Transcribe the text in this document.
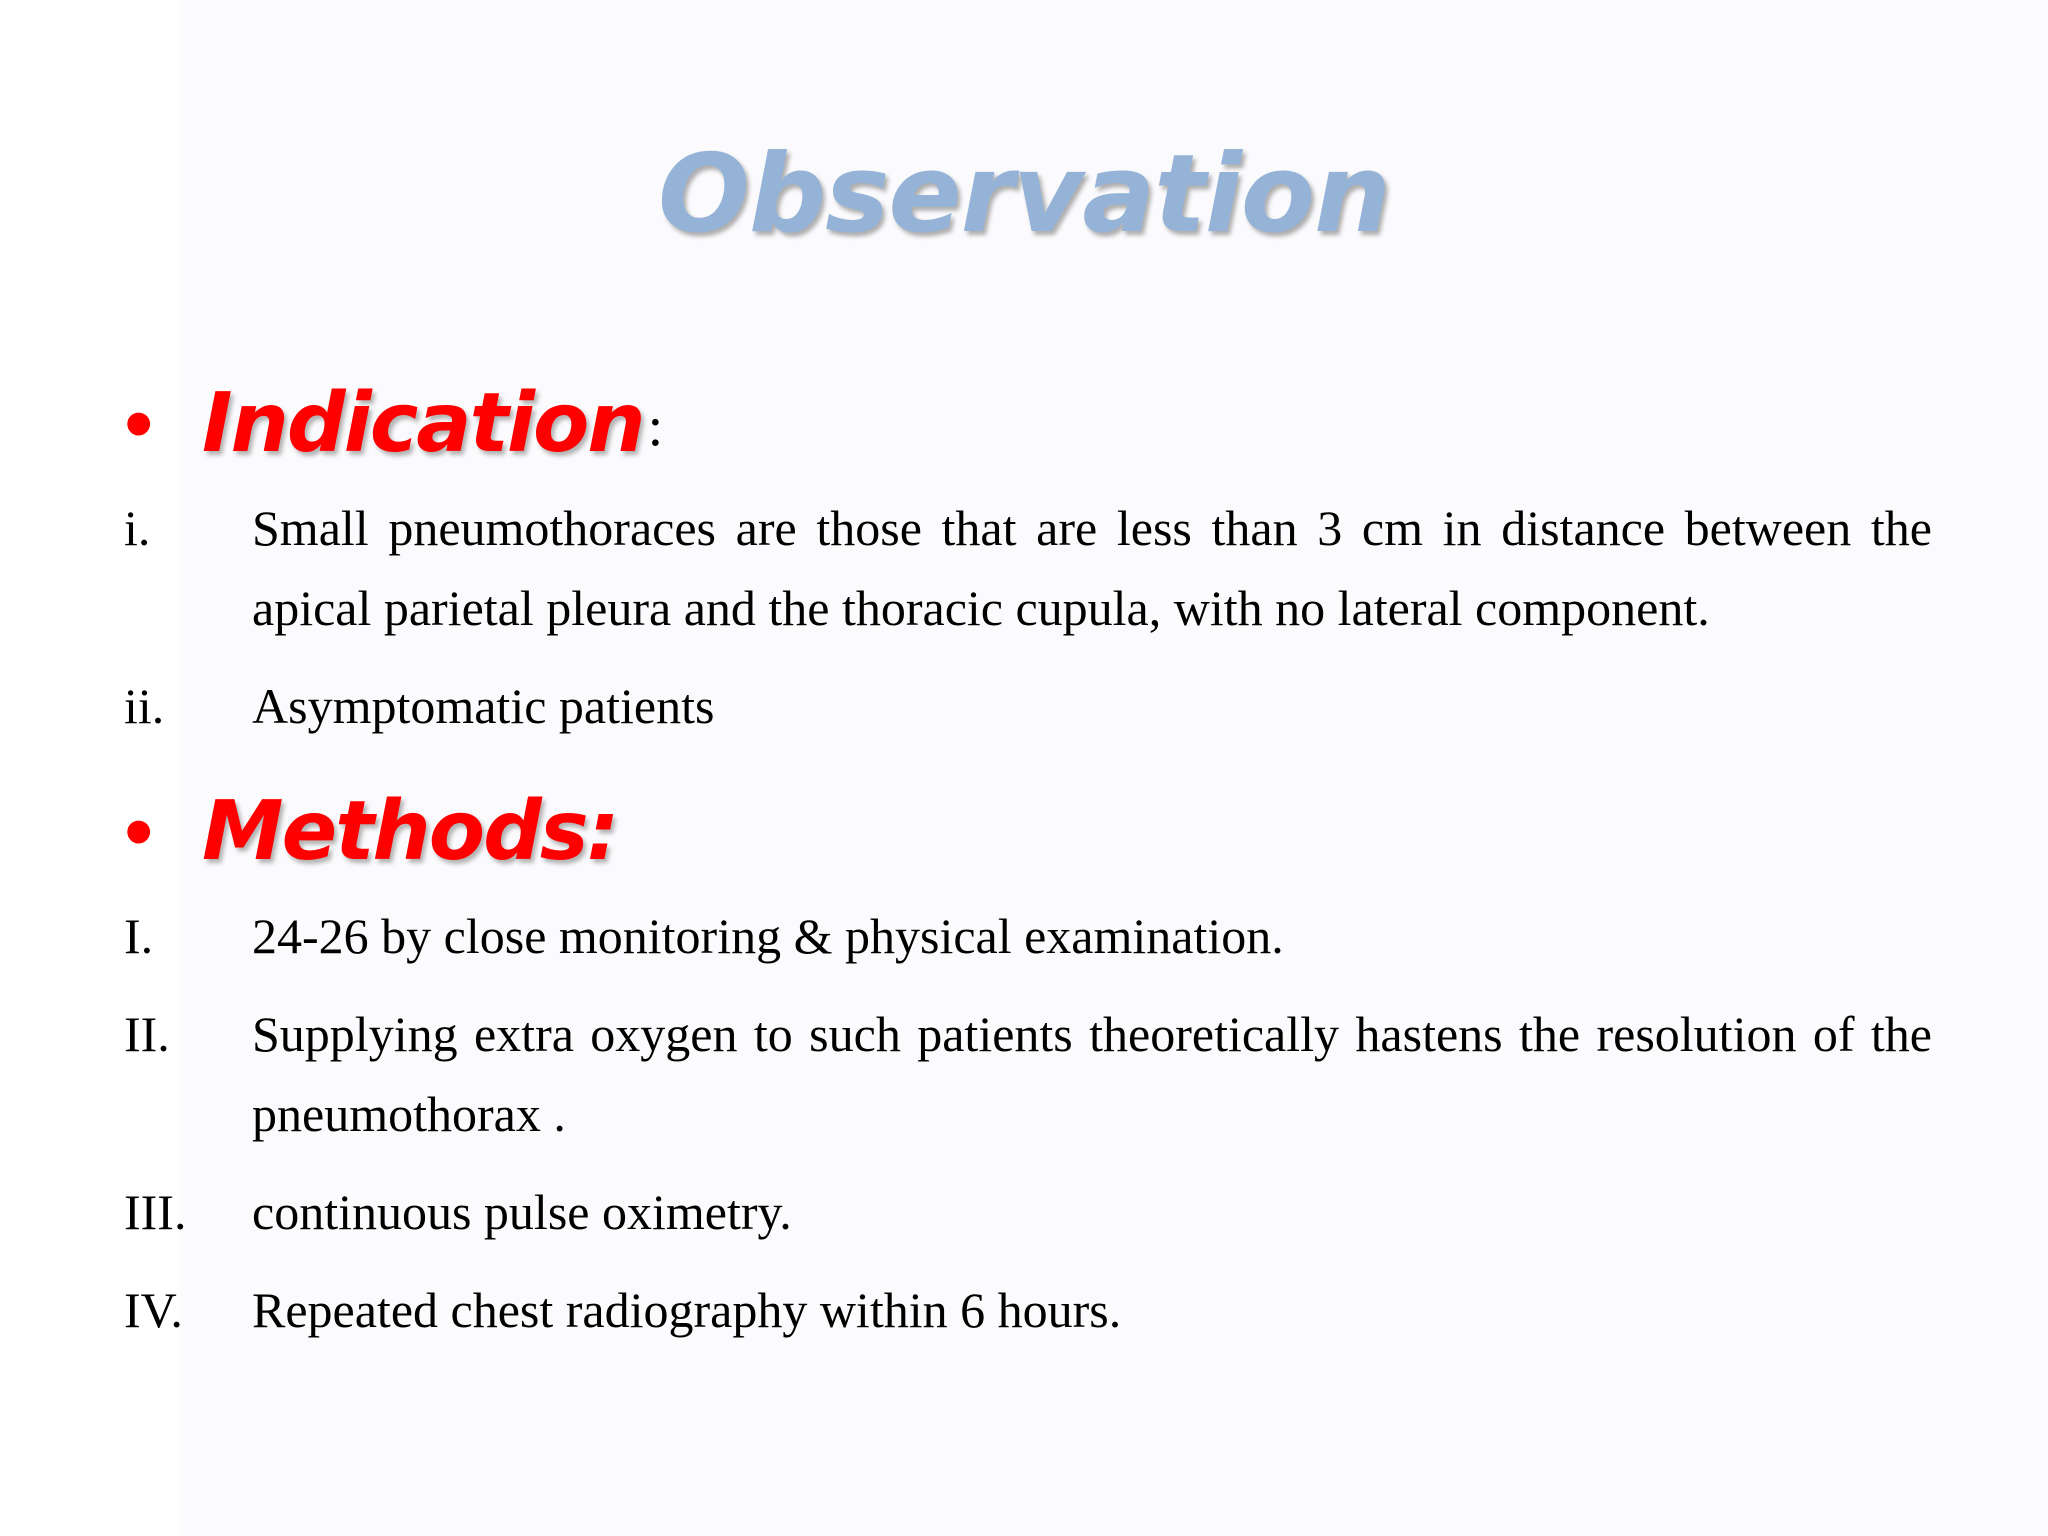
Observation
• Indication :
i. Small pneumothoraces are those that are less than 3 cm in distance between the apical parietal pleura and the thoracic cupula, with no lateral component.
ii. Asymptomatic patients
• Methods:
I. 24-26 by close monitoring & physical examination.
II. Supplying extra oxygen to such patients theoretically hastens the resolution of the pneumothorax .
III. continuous pulse oximetry.
IV. Repeated chest radiography within 6 hours.
